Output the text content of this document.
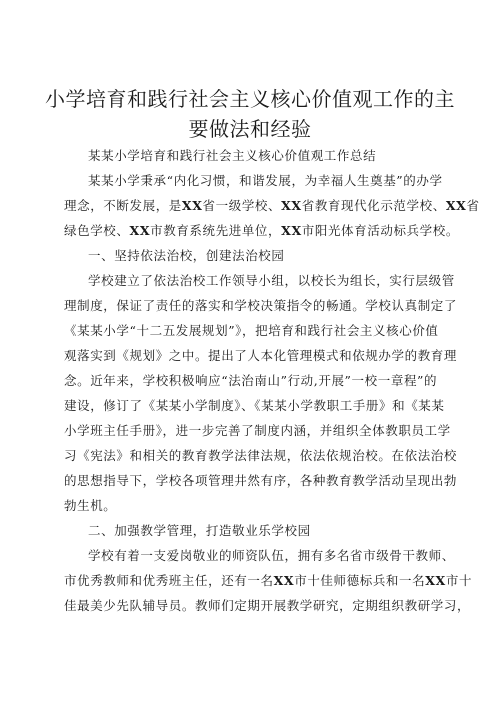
小学培育和践行社会主义核心价值观工作的主
要做法和经验
某某小学培育和践行社会主义核心价值观工作总结
某某小学秉承“内化习惯，和谐发展，为幸福人生奠基”的办学
理念，不断发展，是XX省一级学校、XX省教育现代化示范学校、XX省
绿色学校、XX市教育系统先进单位，XX市阳光体育活动标兵学校。
一、坚持依法治校，创建法治校园
学校建立了依法治校工作领导小组，以校长为组长，实行层级管
理制度，保证了责任的落实和学校决策指令的畅通。学校认真制定了
《某某小学“十二五发展规划”》，把培育和践行社会主义核心价值
观落实到《规划》之中。提出了人本化管理模式和依规办学的教育理
念。近年来，学校积极响应“法治南山”行动,开展”一校一章程”的
建设，修订了《某某小学制度》、《某某小学教职工手册》和《某某
小学班主任手册》，进一步完善了制度内涵，并组织全体教职员工学
习《宪法》和相关的教育教学法律法规，依法依规治校。在依法治校
的思想指导下，学校各项管理井然有序，各种教育教学活动呈现出勃
勃生机。
二、加强教学管理，打造敬业乐学校园
学校有着一支爱岗敬业的师资队伍，拥有多名省市级骨干教师、
市优秀教师和优秀班主任，还有一名XX市十佳师德标兵和一名XX市十
佳最美少先队辅导员。教师们定期开展教学研究，定期组织教研学习，
